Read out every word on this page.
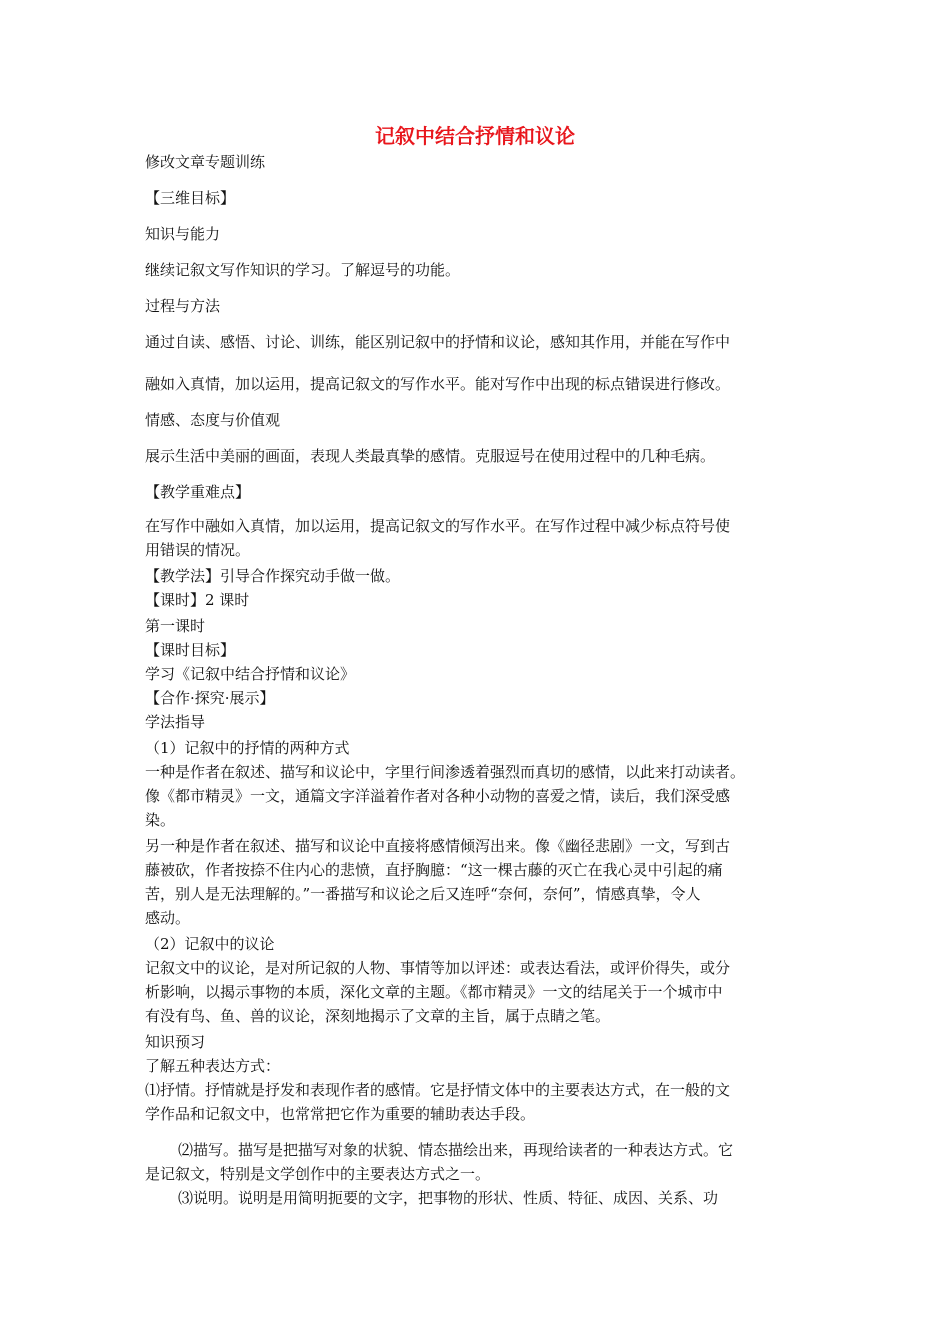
记叙中结合抒情和议论
修改文章专题训练
【三维目标】
知识与能力
继续记叙文写作知识的学习。了解逗号的功能。
过程与方法
通过自读、感悟、讨论、训练，能区别记叙中的抒情和议论，感知其作用，并能在写作中
融如入真情，加以运用，提高记叙文的写作水平。能对写作中出现的标点错误进行修改。
情感、态度与价值观
展示生活中美丽的画面，表现人类最真挚的感情。克服逗号在使用过程中的几种毛病。
【教学重难点】
在写作中融如入真情，加以运用，提高记叙文的写作水平。在写作过程中减少标点符号使
用错误的情况。
【教学法】引导合作探究动手做一做。
【课时】2 课时
第一课时
【课时目标】
学习《记叙中结合抒情和议论》
【合作·探究·展示】
学法指导
（1）记叙中的抒情的两种方式
一种是作者在叙述、描写和议论中，字里行间渗透着强烈而真切的感情，以此来打动读者。
像《都市精灵》一文，通篇文字洋溢着作者对各种小动物的喜爱之情，读后，我们深受感
染。
另一种是作者在叙述、描写和议论中直接将感情倾泻出来。像《幽径悲剧》一文，写到古
藤被砍，作者按捺不住内心的悲愤，直抒胸臆：“这一棵古藤的灭亡在我心灵中引起的痛
苦，别人是无法理解的。”一番描写和议论之后又连呼“奈何，奈何”，情感真挚，令人
感动。
（2）记叙中的议论
记叙文中的议论，是对所记叙的人物、事情等加以评述：或表达看法，或评价得失，或分
析影响，以揭示事物的本质，深化文章的主题。《都市精灵》一文的结尾关于一个城市中
有没有鸟、鱼、兽的议论，深刻地揭示了文章的主旨，属于点睛之笔。
知识预习
了解五种表达方式：
⑴抒情。抒情就是抒发和表现作者的感情。它是抒情文体中的主要表达方式，在一般的文
学作品和记叙文中，也常常把它作为重要的辅助表达手段。
⑵描写。描写是把描写对象的状貌、情态描绘出来，再现给读者的一种表达方式。它
是记叙文，特别是文学创作中的主要表达方式之一。
⑶说明。说明是用简明扼要的文字，把事物的形状、性质、特征、成因、关系、功
